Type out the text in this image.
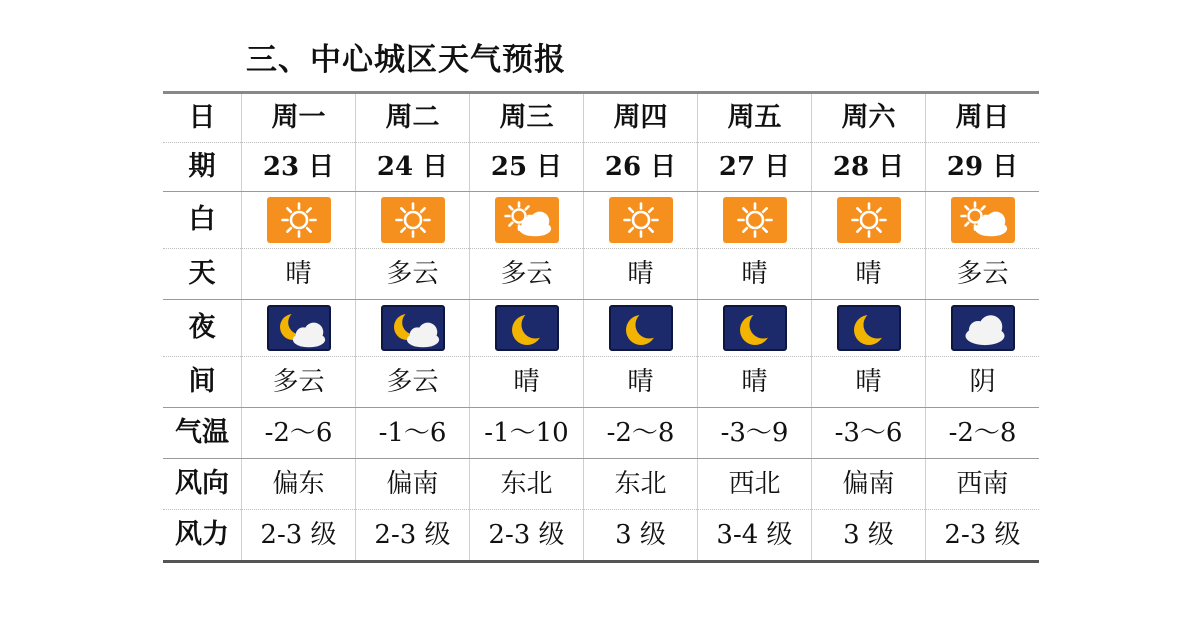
三、中心城区天气预报
日	周一	周二	周三	周四	周五	周六	周日
期	23 日	24 日	25 日	26 日	27 日	28 日	29 日
白	

天	晴	多云	多云	晴	晴	晴	多云
夜	

间	多云	多云	晴	晴	晴	晴	阴
气温	-2～6	-1～6	-1～10	-2～8	-3～9	-3～6	-2～8
风向	偏东	偏南	东北	东北	西北	偏南	西南
风力	2-3 级	2-3 级	2-3 级	3 级	3-4 级	3 级	2-3 级
